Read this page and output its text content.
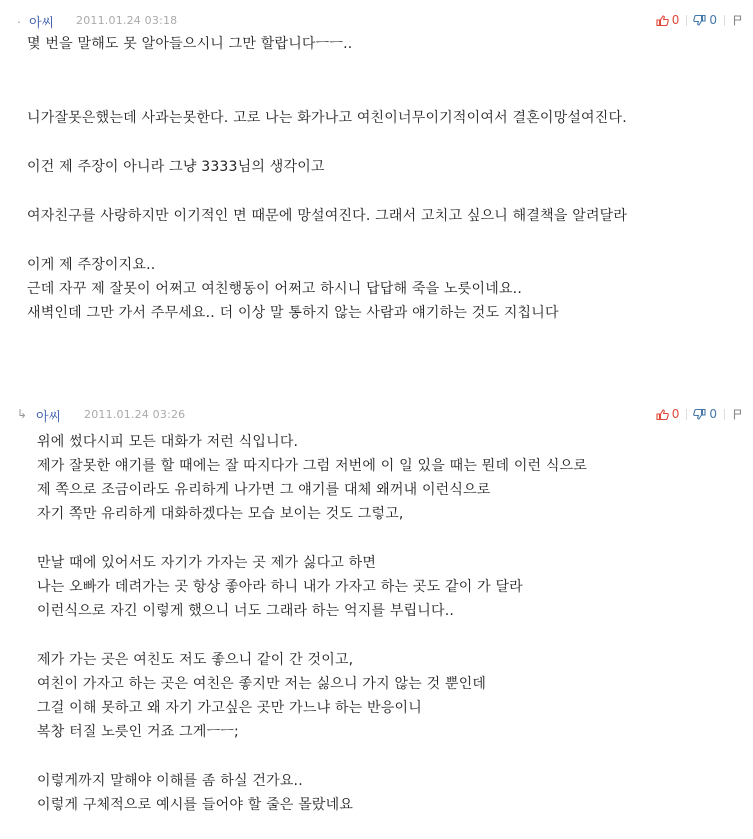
. 아씨 2011.01.24 03:18	0	0

몇 번을 말해도 못 알아들으시니 그만 할랍니다ㅡㅡ..

니가잘못은했는데 사과는못한다. 고로 나는 화가나고 여친이너무이기적이여서 결혼이망설여진다.

이건 제 주장이 아니라 그냥 3333님의 생각이고

여자친구를 사랑하지만 이기적인 면 때문에 망설여진다. 그래서 고치고 싶으니 해결책을 알려달라

이게 제 주장이지요..
근데 자꾸 제 잘못이 어쩌고 여친행동이 어쩌고 하시니 답답해 죽을 노릇이네요..
새벽인데 그만 가서 주무세요.. 더 이상 말 통하지 않는 사람과 얘기하는 것도 지칩니다

↳ 아씨 2011.01.24 03:26	0	0

위에 썼다시피 모든 대화가 저런 식입니다.
제가 잘못한 얘기를 할 때에는 잘 따지다가 그럼 저번에 이 일 있을 때는 뭔데 이런 식으로
제 쪽으로 조금이라도 유리하게 나가면 그 얘기를 대체 왜꺼내 이런식으로
자기 쪽만 유리하게 대화하겠다는 모습 보이는 것도 그렇고,

만날 때에 있어서도 자기가 가자는 곳 제가 싫다고 하면
나는 오빠가 데려가는 곳 항상 좋아라 하니 내가 가자고 하는 곳도 같이 가 달라
이런식으로 자긴 이렇게 했으니 너도 그래라 하는 억지를 부립니다..

제가 가는 곳은 여친도 저도 좋으니 같이 간 것이고,
여친이 가자고 하는 곳은 여친은 좋지만 저는 싫으니 가지 않는 것 뿐인데
그걸 이해 못하고 왜 자기 가고싶은 곳만 가느냐 하는 반응이니
복창 터질 노릇인 거죠 그게ㅡㅡ;

이렇게까지 말해야 이해를 좀 하실 건가요..
이렇게 구체적으로 예시를 들어야 할 줄은 몰랐네요
